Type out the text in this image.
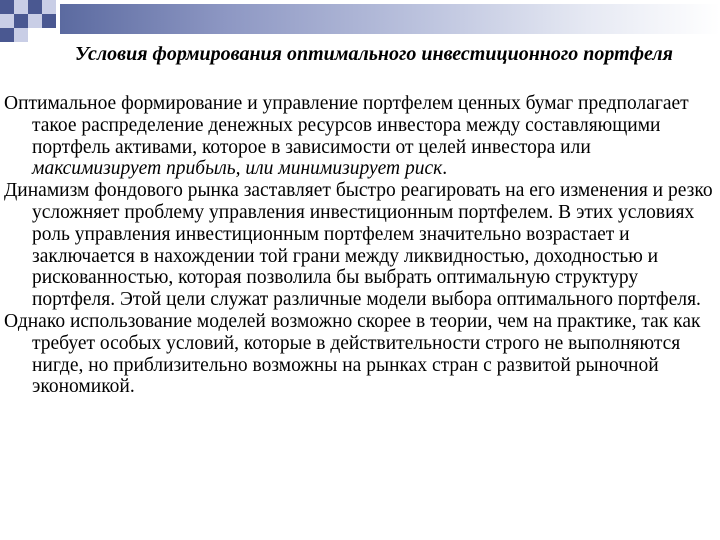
Условия формирования оптимального инвестиционного портфеля

Оптимальное формирование и управление портфелем ценных бумаг предполагает такое распределение денежных ресурсов инвестора между составляющими портфель активами, которое в зависимости от целей инвестора или максимизирует прибыль, или минимизирует риск.

Динамизм фондового рынка заставляет быстро реагировать на его изменения и резко усложняет проблему управления инвестиционным портфелем. В этих условиях роль управления инвестиционным портфелем значительно возрастает и заключается в нахождении той грани между ликвидностью, доходностью и рискованностью, которая позволила бы выбрать оптимальную структуру портфеля. Этой цели служат различные модели выбора оптимального портфеля.

Однако использование моделей возможно скорее в теории, чем на практике, так как требует особых условий, которые в действительности строго не выполняются нигде, но приблизительно возможны на рынках стран с развитой рыночной экономикой.
